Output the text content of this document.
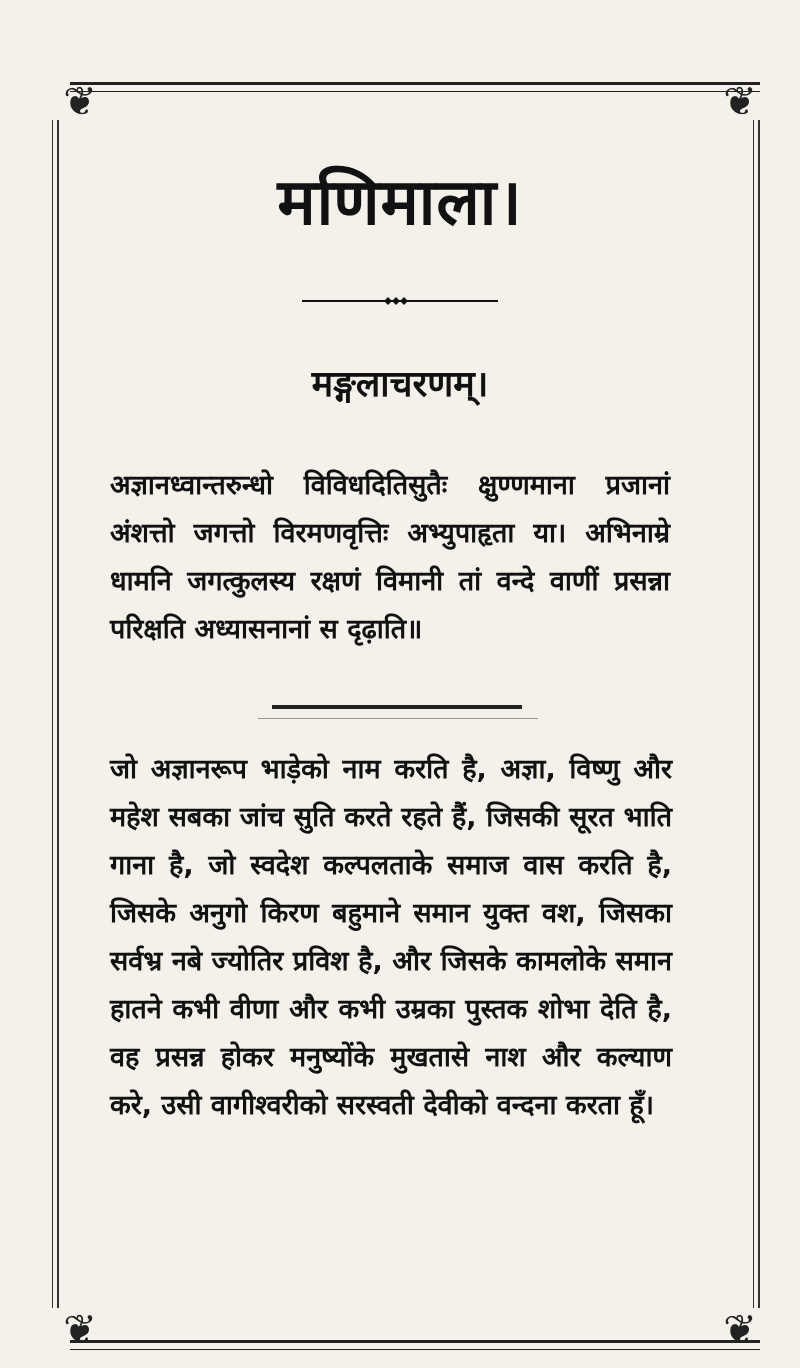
❦	❦
❦	❦
मणिमाला।
मङ्गलाचरणम्।

अज्ञानध्वान्तरुन्धो विविधदितिसुतैः क्षुण्णमाना प्रजानां अंशत्तो जगत्तो विरमणवृत्तिः अभ्युपाहृता या। अभिनाम्रे धामनि जगत्कुलस्य रक्षणं विमानी तां वन्दे वाणीं प्रसन्ना परिक्षति अध्यासनानां स दृढ़ाति॥

जो अज्ञानरूप भाड़ेको नाम करति है, अज्ञा, विष्णु और महेश सबका जांच सुति करते रहते हैं, जिसकी सूरत भाति गाना है, जो स्वदेश कल्पलताके समाज वास करति है, जिसके अनुगो किरण बहुमाने समान युक्त वश, जिसका सर्वभ्र नबे ज्योतिर प्रविश है, और जिसके कामलोके समान हातने कभी वीणा और कभी उम्रका पुस्तक शोभा देति है, वह प्रसन्न होकर मनुष्योंके मुखतासे नाश और कल्याण करे, उसी वागीश्वरीको सरस्वती देवीको वन्दना करता हूँ।
